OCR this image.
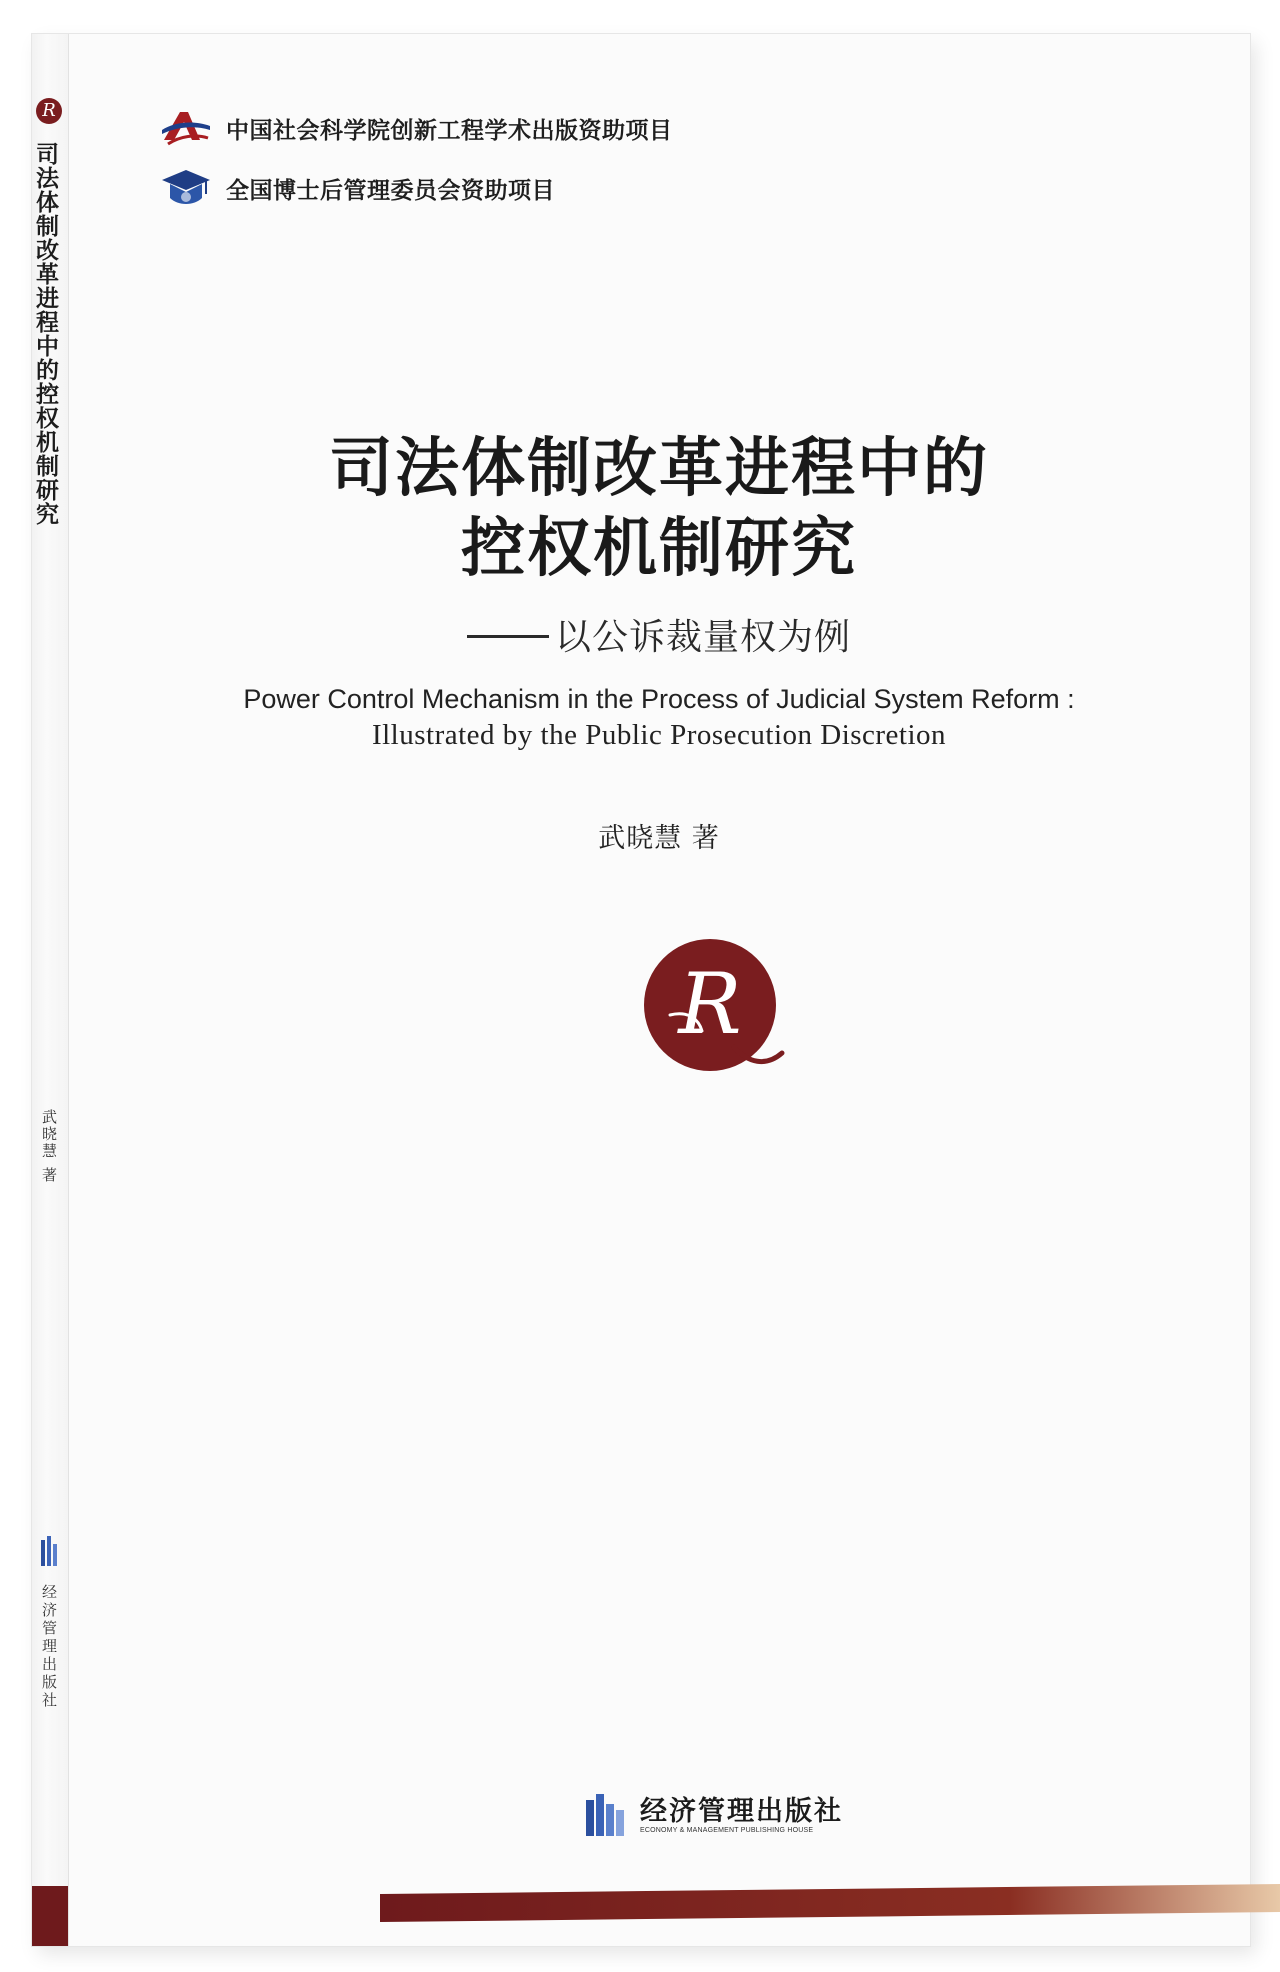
R
司法体制改革进程中的控权机制研究
武晓慧 著
经济管理出版社
中国社会科学院创新工程学术出版资助项目
全国博士后管理委员会资助项目
司法体制改革进程中的
控权机制研究
以公诉裁量权为例
Power Control Mechanism in the Process of Judicial System Reform :
Illustrated by the Public Prosecution Discretion
武晓慧 著
R
经济管理出版社
ECONOMY & MANAGEMENT PUBLISHING HOUSE
